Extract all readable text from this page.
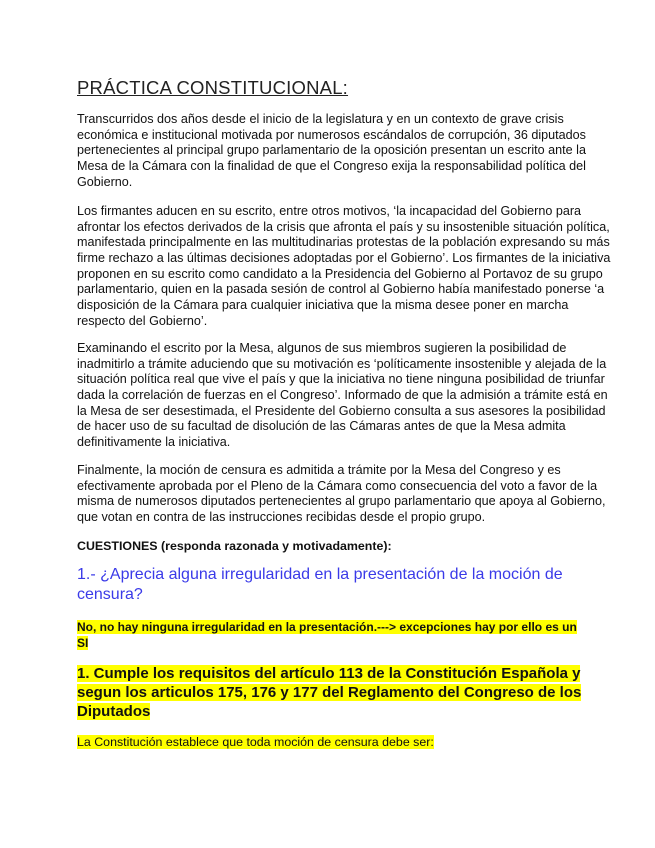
PRÁCTICA CONSTITUCIONAL:
Transcurridos dos años desde el inicio de la legislatura y en un contexto de grave crisis
económica e institucional motivada por numerosos escándalos de corrupción, 36 diputados
pertenecientes al principal grupo parlamentario de la oposición presentan un escrito ante la
Mesa de la Cámara con la finalidad de que el Congreso exija la responsabilidad política del
Gobierno.
Los firmantes aducen en su escrito, entre otros motivos, ‘la incapacidad del Gobierno para
afrontar los efectos derivados de la crisis que afronta el país y su insostenible situación política,
manifestada principalmente en las multitudinarias protestas de la población expresando su más
firme rechazo a las últimas decisiones adoptadas por el Gobierno’. Los firmantes de la iniciativa
proponen en su escrito como candidato a la Presidencia del Gobierno al Portavoz de su grupo
parlamentario, quien en la pasada sesión de control al Gobierno había manifestado ponerse ‘a
disposición de la Cámara para cualquier iniciativa que la misma desee poner en marcha
respecto del Gobierno’.
Examinando el escrito por la Mesa, algunos de sus miembros sugieren la posibilidad de
inadmitirlo a trámite aduciendo que su motivación es ‘políticamente insostenible y alejada de la
situación política real que vive el país y que la iniciativa no tiene ninguna posibilidad de triunfar
dada la correlación de fuerzas en el Congreso’. Informado de que la admisión a trámite está en
la Mesa de ser desestimada, el Presidente del Gobierno consulta a sus asesores la posibilidad
de hacer uso de su facultad de disolución de las Cámaras antes de que la Mesa admita
definitivamente la iniciativa.
Finalmente, la moción de censura es admitida a trámite por la Mesa del Congreso y es
efectivamente aprobada por el Pleno de la Cámara como consecuencia del voto a favor de la
misma de numerosos diputados pertenecientes al grupo parlamentario que apoya al Gobierno,
que votan en contra de las instrucciones recibidas desde el propio grupo.
CUESTIONES (responda razonada y motivadamente):
1.- ¿Aprecia alguna irregularidad en la presentación de la moción de
censura?
No, no hay ninguna irregularidad en la presentación.---> excepciones hay por ello es un
SI
1. Cumple los requisitos del artículo 113 de la Constitución Española y
segun los articulos 175, 176 y 177 del Reglamento del Congreso de los
Diputados
La Constitución establece que toda moción de censura debe ser:
